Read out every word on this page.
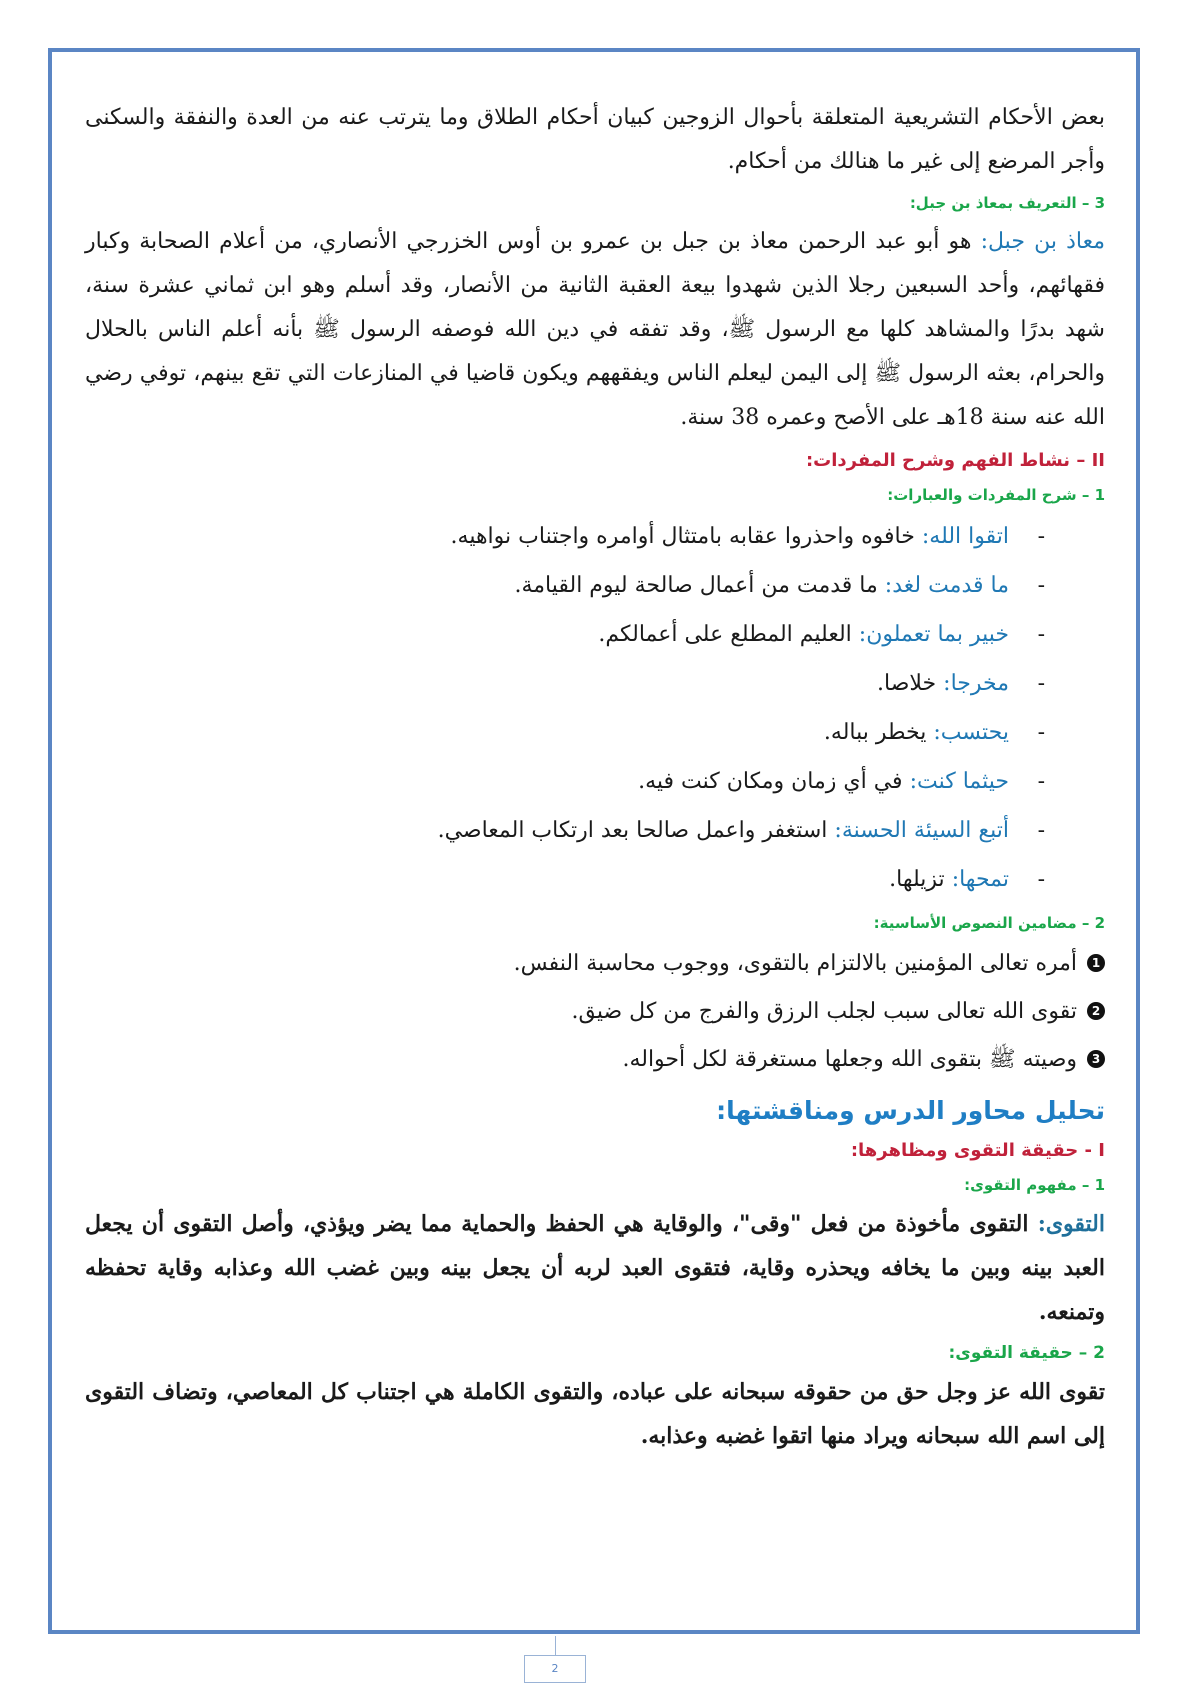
بعض الأحكام التشريعية المتعلقة بأحوال الزوجين كبيان أحكام الطلاق وما يترتب عنه من العدة والنفقة والسكنى وأجر المرضع إلى غير ما هنالك من أحكام.

3 – التعريف بمعاذ بن جبل:

معاذ بن جبل: هو أبو عبد الرحمن معاذ بن جبل بن عمرو بن أوس الخزرجي الأنصاري، من أعلام الصحابة وكبار فقهائهم، وأحد السبعين رجلا الذين شهدوا بيعة العقبة الثانية من الأنصار، وقد أسلم وهو ابن ثماني عشرة سنة، شهد بدرًا والمشاهد كلها مع الرسول ﷺ، وقد تفقه في دين الله فوصفه الرسول ﷺ بأنه أعلم الناس بالحلال والحرام، بعثه الرسول ﷺ إلى اليمن ليعلم الناس ويفقههم ويكون قاضيا في المنازعات التي تقع بينهم، توفي رضي الله عنه سنة 18هـ على الأصح وعمره 38 سنة.

II – نشاط الفهم وشرح المفردات:
1 – شرح المفردات والعبارات:
-
اتقوا الله: خافوه واحذروا عقابه بامتثال أوامره واجتناب نواهيه.
-
ما قدمت لغد: ما قدمت من أعمال صالحة ليوم القيامة.
-
خبير بما تعملون: العليم المطلع على أعمالكم.
-
مخرجا: خلاصا.
-
يحتسب: يخطر بباله.
-
حيثما كنت: في أي زمان ومكان كنت فيه.
-
أتبع السيئة الحسنة: استغفر واعمل صالحا بعد ارتكاب المعاصي.
-
تمحها: تزيلها.
2 – مضامين النصوص الأساسية:
1
أمره تعالى المؤمنين بالالتزام بالتقوى، ووجوب محاسبة النفس.
2
تقوى الله تعالى سبب لجلب الرزق والفرج من كل ضيق.
3
وصيته ﷺ بتقوى الله وجعلها مستغرقة لكل أحواله.
تحليل محاور الدرس ومناقشتها:
I - حقيقة التقوى ومظاهرها:
1 – مفهوم التقوى:

التقوى: التقوى مأخوذة من فعل "وقى"، والوقاية هي الحفظ والحماية مما يضر ويؤذي، وأصل التقوى أن يجعل العبد بينه وبين ما يخافه ويحذره وقاية، فتقوى العبد لربه أن يجعل بينه وبين غضب الله وعذابه وقاية تحفظه وتمنعه.

2 – حقيقة التقوى:

تقوى الله عز وجل حق من حقوقه سبحانه على عباده، والتقوى الكاملة هي اجتناب كل المعاصي، وتضاف التقوى إلى اسم الله سبحانه ويراد منها اتقوا غضبه وعذابه.

2
